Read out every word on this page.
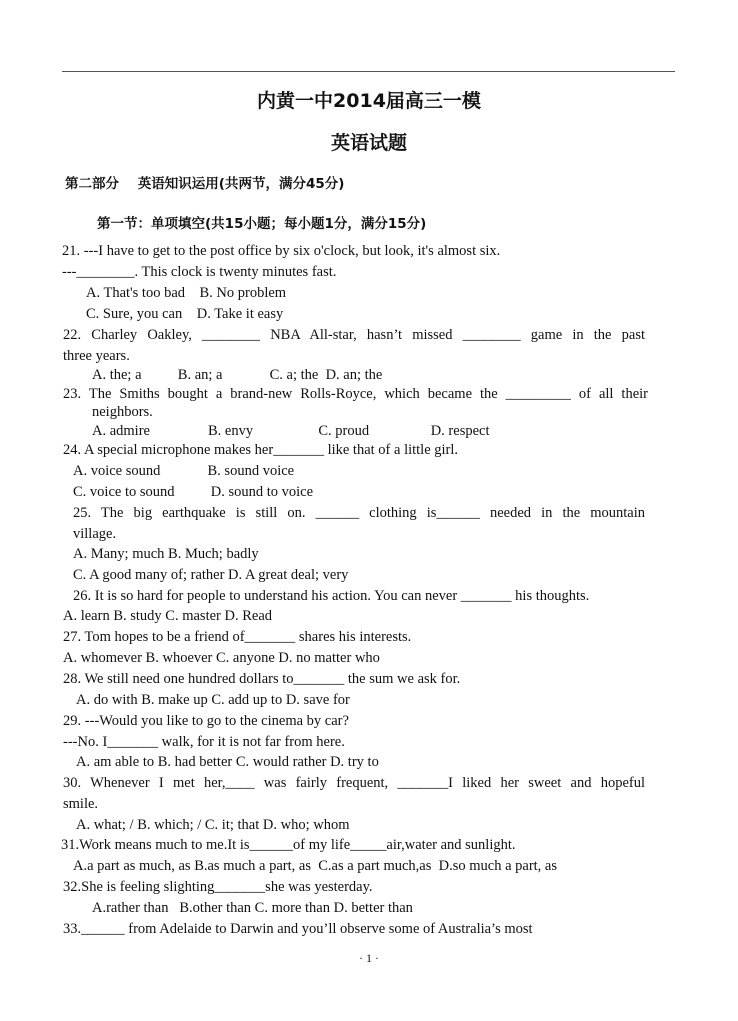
内黄一中2014届高三一模
英语试题
第二部分    英语知识运用(共两节，满分45分)
第一节：单项填空(共15小题；每小题1分，满分15分)
21. ---I have to get to the post office by six o'clock, but look, it's almost six.
---________. This clock is twenty minutes fast.
A. That's too bad    B. No problem
C. Sure, you can    D. Take it easy
22. Charley Oakley, ________ NBA All-star, hasn’t missed ________ game in the past
three years.
A. the; a          B. an; a             C. a; the  D. an; the
23. The Smiths bought a brand-new Rolls-Royce, which became the _________ of all their
neighbors.
A. admire                B. envy                  C. proud                 D. respect
24. A special microphone makes her_______ like that of a little girl.
A. voice sound             B. sound voice
C. voice to sound          D. sound to voice
25. The big earthquake is still on. ______ clothing is______ needed in the mountain
village.
A. Many; much B. Much; badly
C. A good many of; rather D. A great deal; very
26. It is so hard for people to understand his action. You can never _______ his thoughts.
A. learn B. study C. master D. Read
27. Tom hopes to be a friend of_______ shares his interests.
A. whomever B. whoever C. anyone D. no matter who
28. We still need one hundred dollars to_______ the sum we ask for.
A. do with B. make up C. add up to D. save for
29. ---Would you like to go to the cinema by car?
---No. I_______ walk, for it is not far from here.
A. am able to B. had better C. would rather D. try to
30. Whenever I met her,____ was fairly frequent, _______I liked her sweet and hopeful
smile.
A. what; / B. which; / C. it; that D. who; whom
31.Work means much to me.It is______of my life_____air,water and sunlight.
A.a part as much, as B.as much a part, as  C.as a part much,as  D.so much a part, as
32.She is feeling slighting_______she was yesterday.
A.rather than   B.other than C. more than D. better than
33.______ from Adelaide to Darwin and you’ll observe some of Australia’s most
· 1 ·
